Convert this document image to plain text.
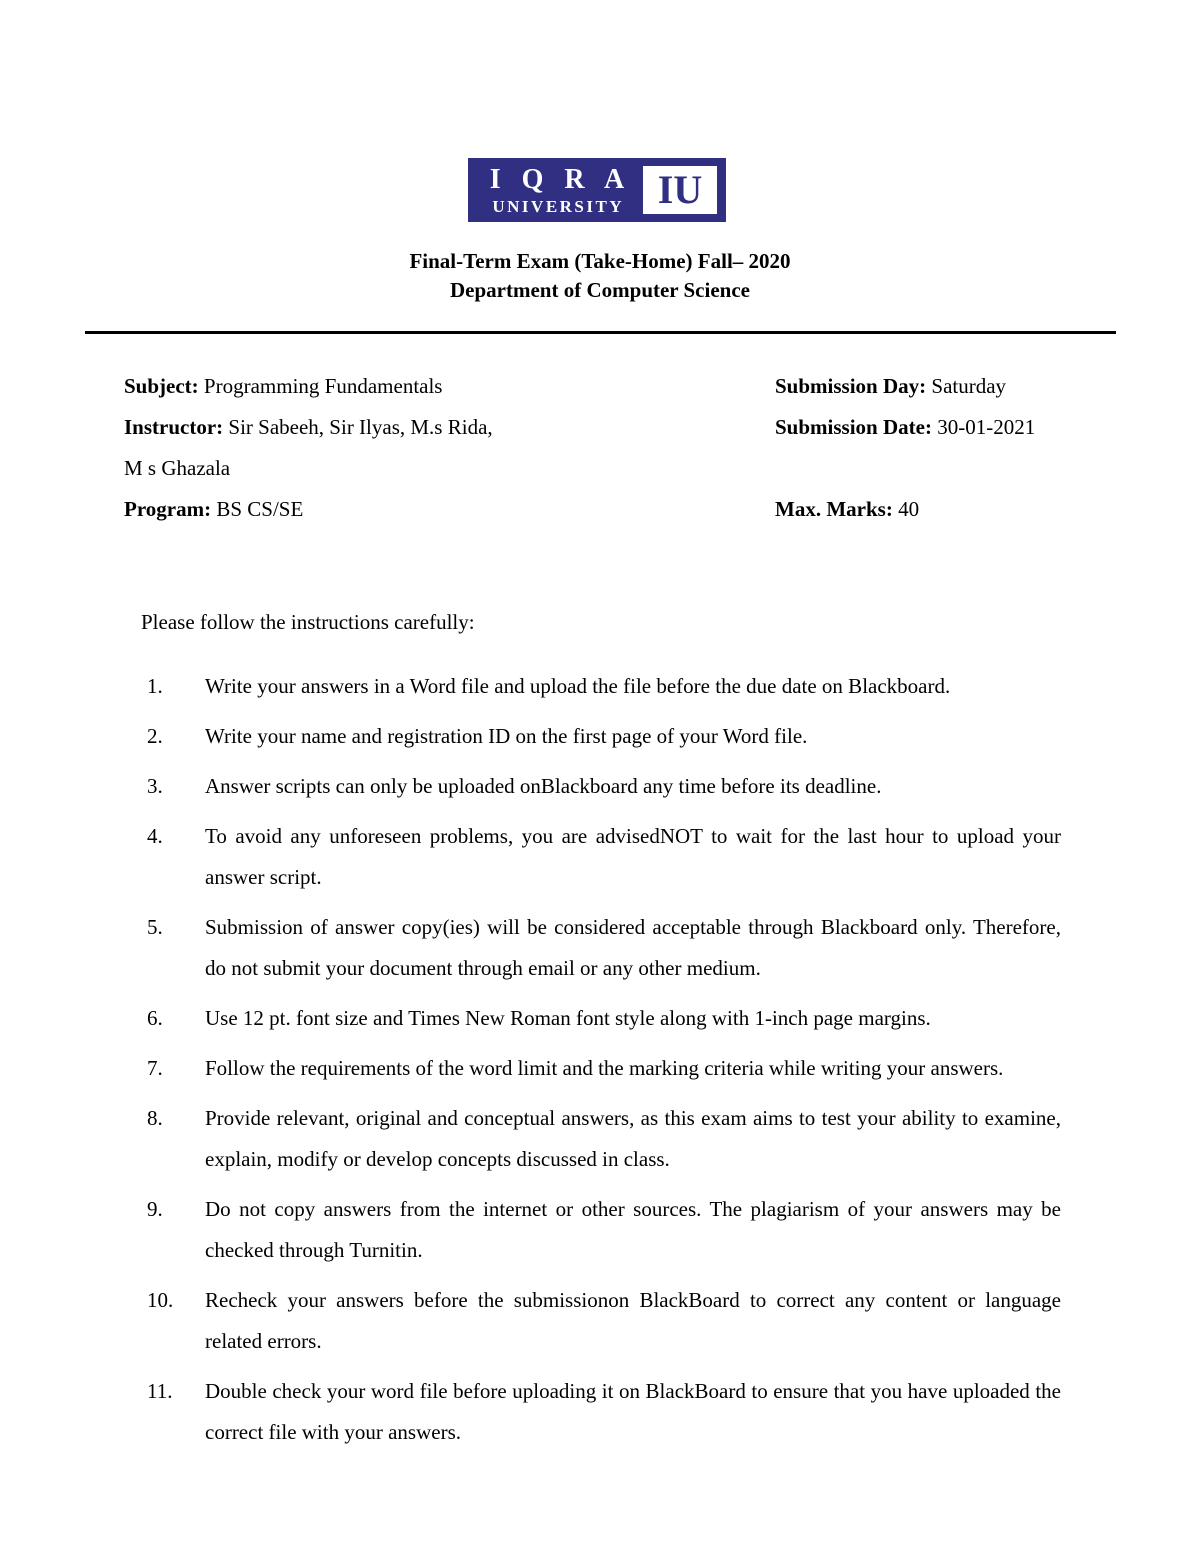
I Q R A
UNIVERSITY IU
Final-Term Exam (Take-Home) Fall– 2020
Department of Computer Science
Subject: Programming Fundamentals	Submission Day: Saturday
Instructor: Sir Sabeeh, Sir Ilyas, M.s Rida,	Submission Date: 30-01-2021
M s Ghazala
Program: BS CS/SE	Max. Marks: 40
Please follow the instructions carefully:
1.	Write your answers in a Word file and upload the file before the due date on Blackboard.
2.	Write your name and registration ID on the first page of your Word file.
3.	Answer scripts can only be uploaded onBlackboard any time before its deadline.
4.	To avoid any unforeseen problems, you are advisedNOT to wait for the last hour to upload your answer script.
5.	Submission of answer copy(ies) will be considered acceptable through Blackboard only. Therefore, do not submit your document through email or any other medium.
6.	Use 12 pt. font size and Times New Roman font style along with 1-inch page margins.
7.	Follow the requirements of the word limit and the marking criteria while writing your answers.
8.	Provide relevant, original and conceptual answers, as this exam aims to test your ability to examine, explain, modify or develop concepts discussed in class.
9.	Do not copy answers from the internet or other sources. The plagiarism of your answers may be checked through Turnitin.
10.	Recheck your answers before the submissionon BlackBoard to correct any content or language related errors.
11.	Double check your word file before uploading it on BlackBoard to ensure that you have uploaded the correct file with your answers.
